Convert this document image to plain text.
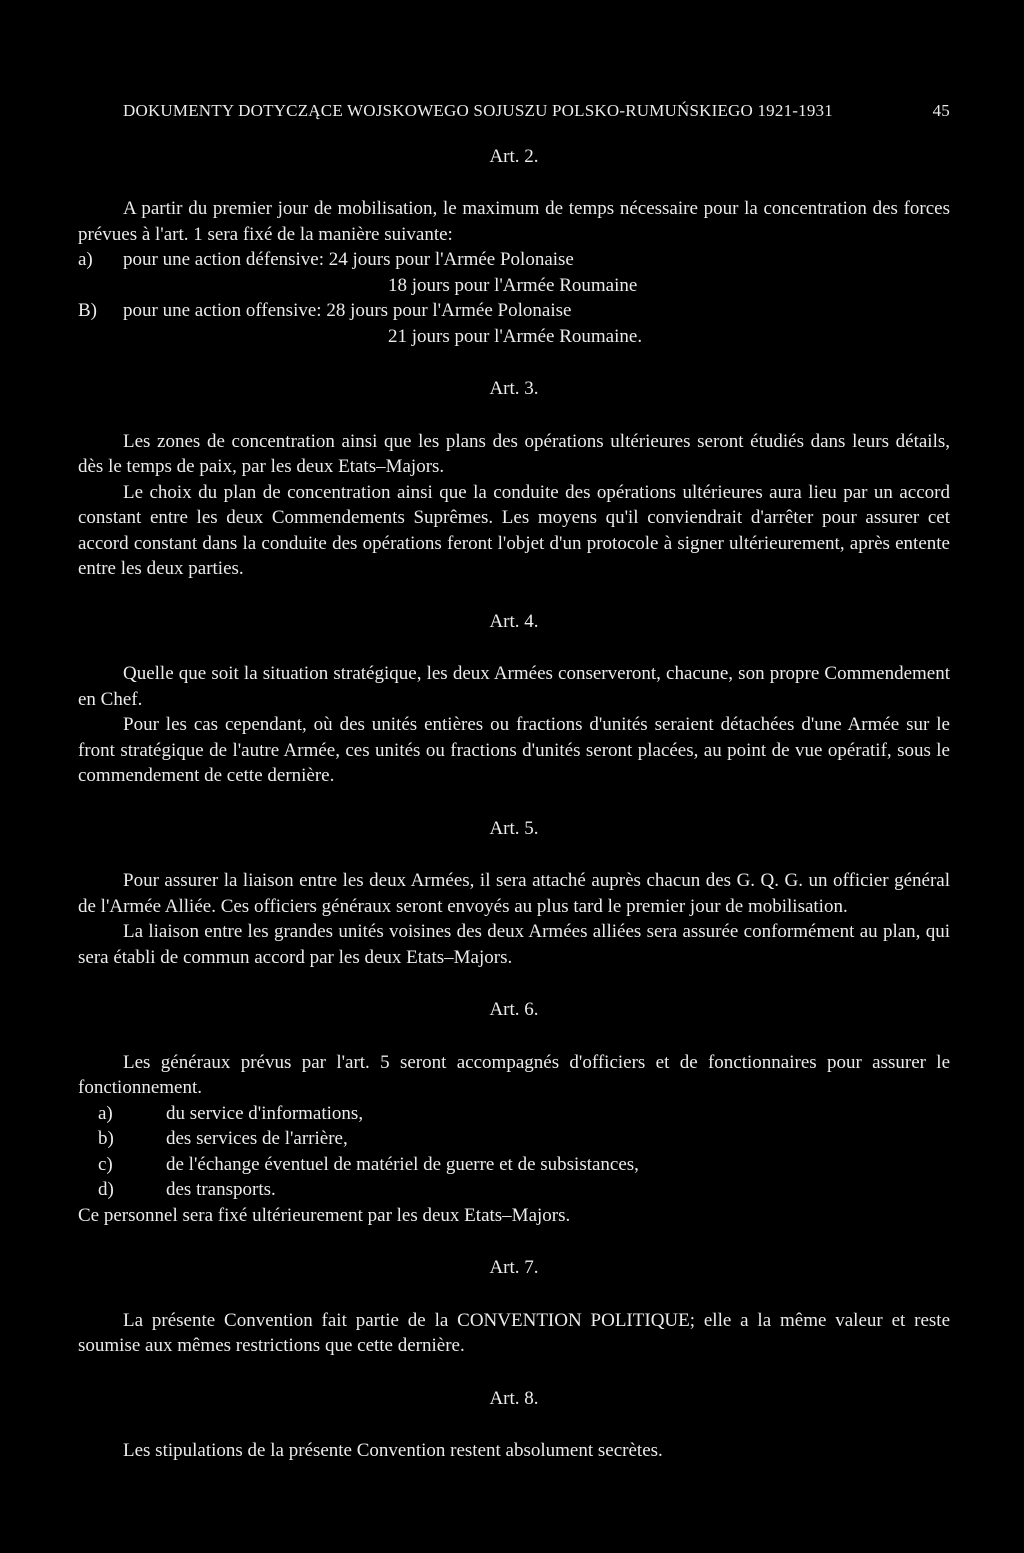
DOKUMENTY DOTYCZĄCE WOJSKOWEGO SOJUSZU POLSKO-RUMUŃSKIEGO 1921-1931	45
Art. 2.

A partir du premier jour de mobilisation, le maximum de temps nécessaire pour la concentration des forces prévues à l'art. 1 sera fixé de la manière suivante:

a)	pour une action défensive: 24 jours pour l'Armée Polonaise
18 jours pour l'Armée Roumaine
B)	pour une action offensive: 28 jours pour l'Armée Polonaise
21 jours pour l'Armée Roumaine.
Art. 3.

Les zones de concentration ainsi que les plans des opérations ultérieures seront étudiés dans leurs détails, dès le temps de paix, par les deux Etats–Majors.

Le choix du plan de concentration ainsi que la conduite des opérations ultérieures aura lieu par un accord constant entre les deux Commendements Suprêmes. Les moyens qu'il conviendrait d'arrêter pour assurer cet accord constant dans la conduite des opérations feront l'objet d'un protocole à signer ultérieurement, après entente entre les deux parties.

Art. 4.

Quelle que soit la situation stratégique, les deux Armées conserveront, chacune, son propre Commendement en Chef.

Pour les cas cependant, où des unités entières ou fractions d'unités seraient détachées d'une Armée sur le front stratégique de l'autre Armée, ces unités ou fractions d'unités seront placées, au point de vue opératif, sous le commendement de cette dernière.

Art. 5.

Pour assurer la liaison entre les deux Armées, il sera attaché auprès chacun des G. Q. G. un officier général de l'Armée Alliée. Ces officiers généraux seront envoyés au plus tard le premier jour de mobilisation.

La liaison entre les grandes unités voisines des deux Armées alliées sera assurée conformément au plan, qui sera établi de commun accord par les deux Etats–Majors.

Art. 6.

Les généraux prévus par l'art. 5 seront accompagnés d'officiers et de fonctionnaires pour assurer le fonctionnement.

a)	du service d'informations,
b)	des services de l'arrière,
c)	de l'échange éventuel de matériel de guerre et de subsistances,
d)	des transports.

Ce personnel sera fixé ultérieurement par les deux Etats–Majors.

Art. 7.

La présente Convention fait partie de la CONVENTION POLITIQUE; elle a la même valeur et reste soumise aux mêmes restrictions que cette dernière.

Art. 8.

Les stipulations de la présente Convention restent absolument secrètes.
